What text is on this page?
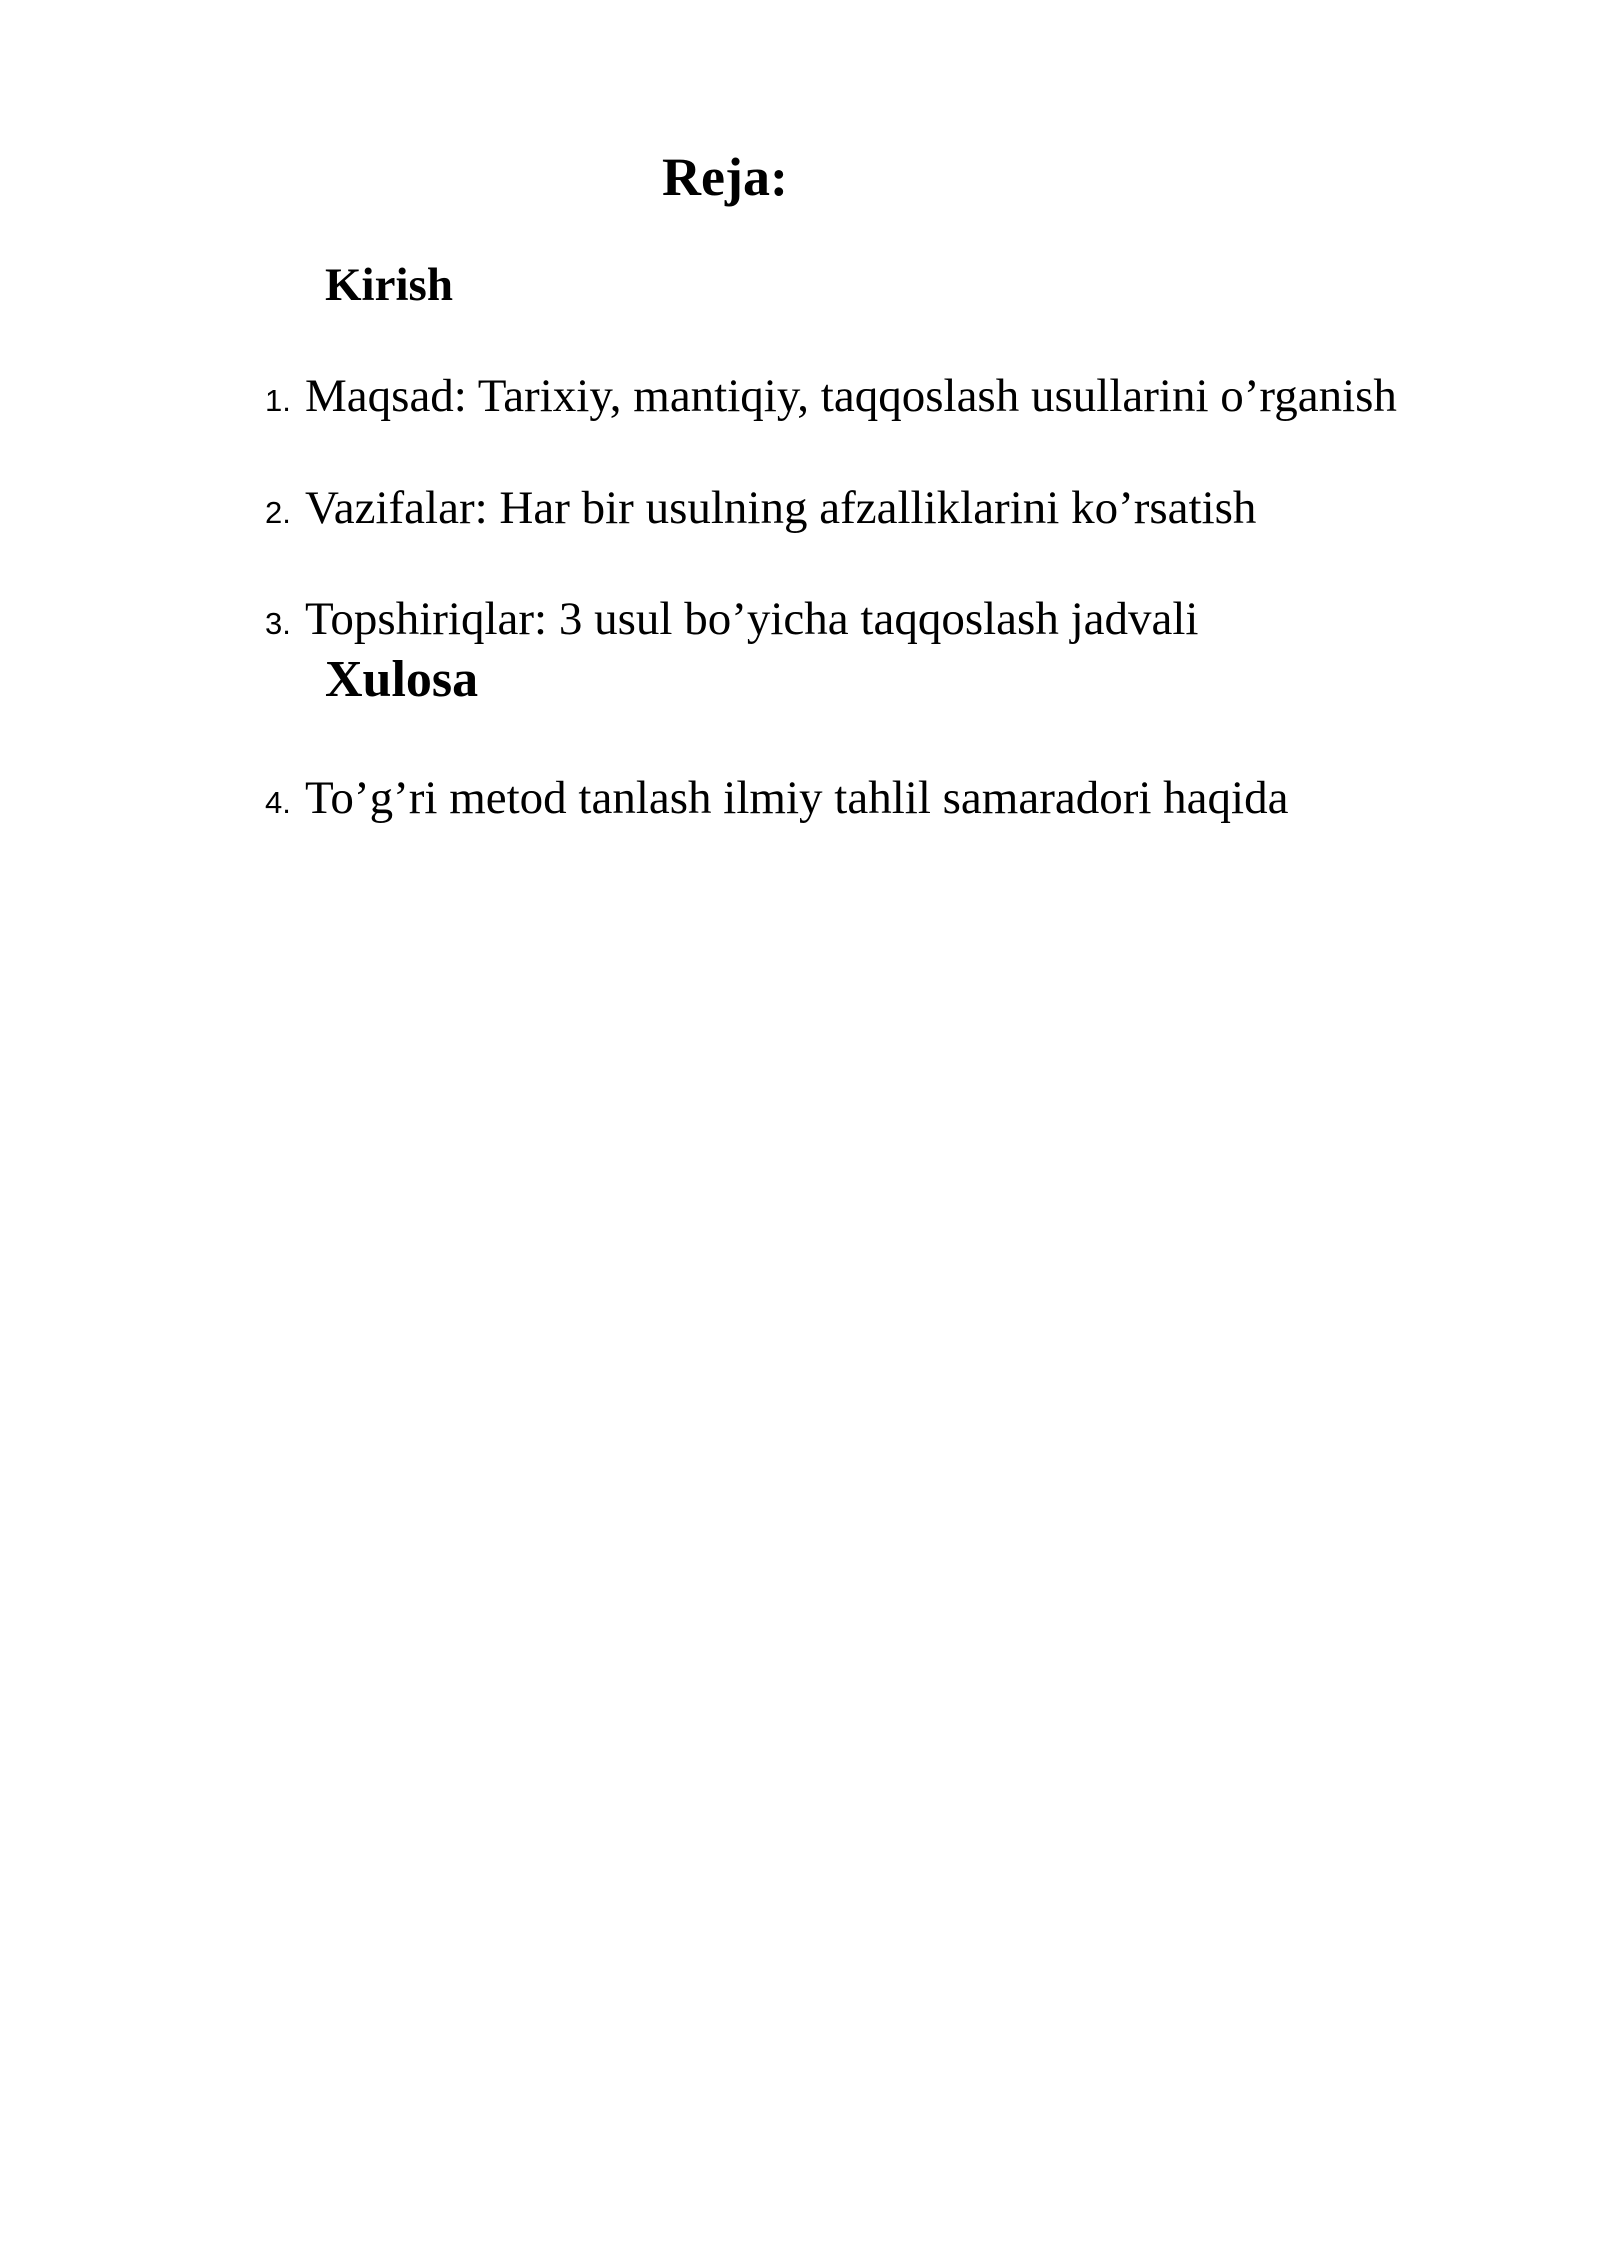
Reja:
Kirish
1. Maqsad: Tarixiy, mantiqiy, taqqoslash usullarini o’rganish
2. Vazifalar: Har bir usulning afzalliklarini ko’rsatish
3. Topshiriqlar: 3 usul bo’yicha taqqoslash jadvali
Xulosa
4. To’g’ri metod tanlash ilmiy tahlil samaradori haqida
